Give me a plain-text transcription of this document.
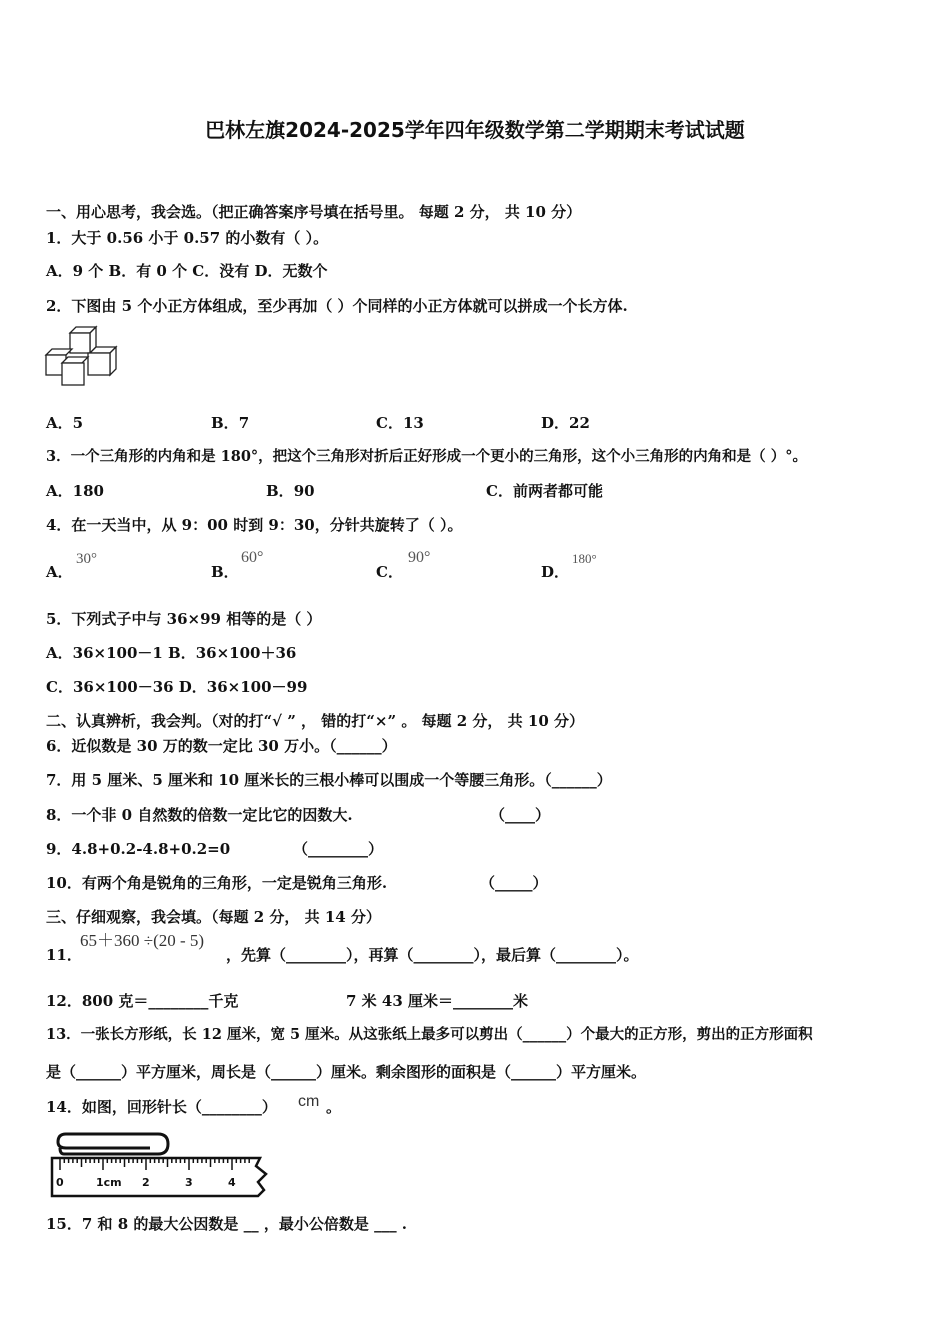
巴林左旗2024-2025学年四年级数学第二学期期末考试试题
一、用心思考，我会选。（把正确答案序号填在括号里。 每题 2 分， 共 10 分）
1．大于 0.56 小于 0.57 的小数有（ ）。
A．9 个 B．有 0 个 C．没有 D．无数个
2．下图由 5 个小正方体组成，至少再加（ ）个同样的小正方体就可以拼成一个长方体.
A．5	B．7	C．13	D．22
3．一个三角形的内角和是 180°，把这个三角形对折后正好形成一个更小的三角形，这个小三角形的内角和是（ ）°。
A．180	B．90	C．前两者都可能
4．在一天当中，从 9：00 时到 9：30，分针共旋转了（ ）。
A．
30°
B．
60°
C．
90°
D．
180°
5．下列式子中与 36×99 相等的是（ ）
A．36×100－1 B．36×100＋36
C．36×100－36 D．36×100－99
二、认真辨析，我会判。（对的打“√ ” ， 错的打“×” 。 每题 2 分， 共 10 分）
6．近似数是 30 万的数一定比 30 万小。（______）
7．用 5 厘米、5 厘米和 10 厘米长的三根小棒可以围成一个等腰三角形。（______）
8．一个非 0 自然数的倍数一定比它的因数大.	（____）
9．4.8+0.2-4.8+0.2=0	（________）
10．有两个角是锐角的三角形，一定是锐角三角形.	（_____）
三、仔细观察，我会填。（每题 2 分， 共 14 分）
11．
65＋360 ÷(20 - 5)
，先算（________），再算（________），最后算（________）。
12．800 克＝________千克	7 米 43 厘米＝________米
13．一张长方形纸，长 12 厘米，宽 5 厘米。从这张纸上最多可以剪出（______）个最大的正方形，剪出的正方形面积
是（______）平方厘米，周长是（______）厘米。剩余图形的面积是（______）平方厘米。
14．如图，回形针长（________） cm 。
0	1cm 2	3	4
15．7 和 8 的最大公因数是 __ ，最小公倍数是 ___ .
